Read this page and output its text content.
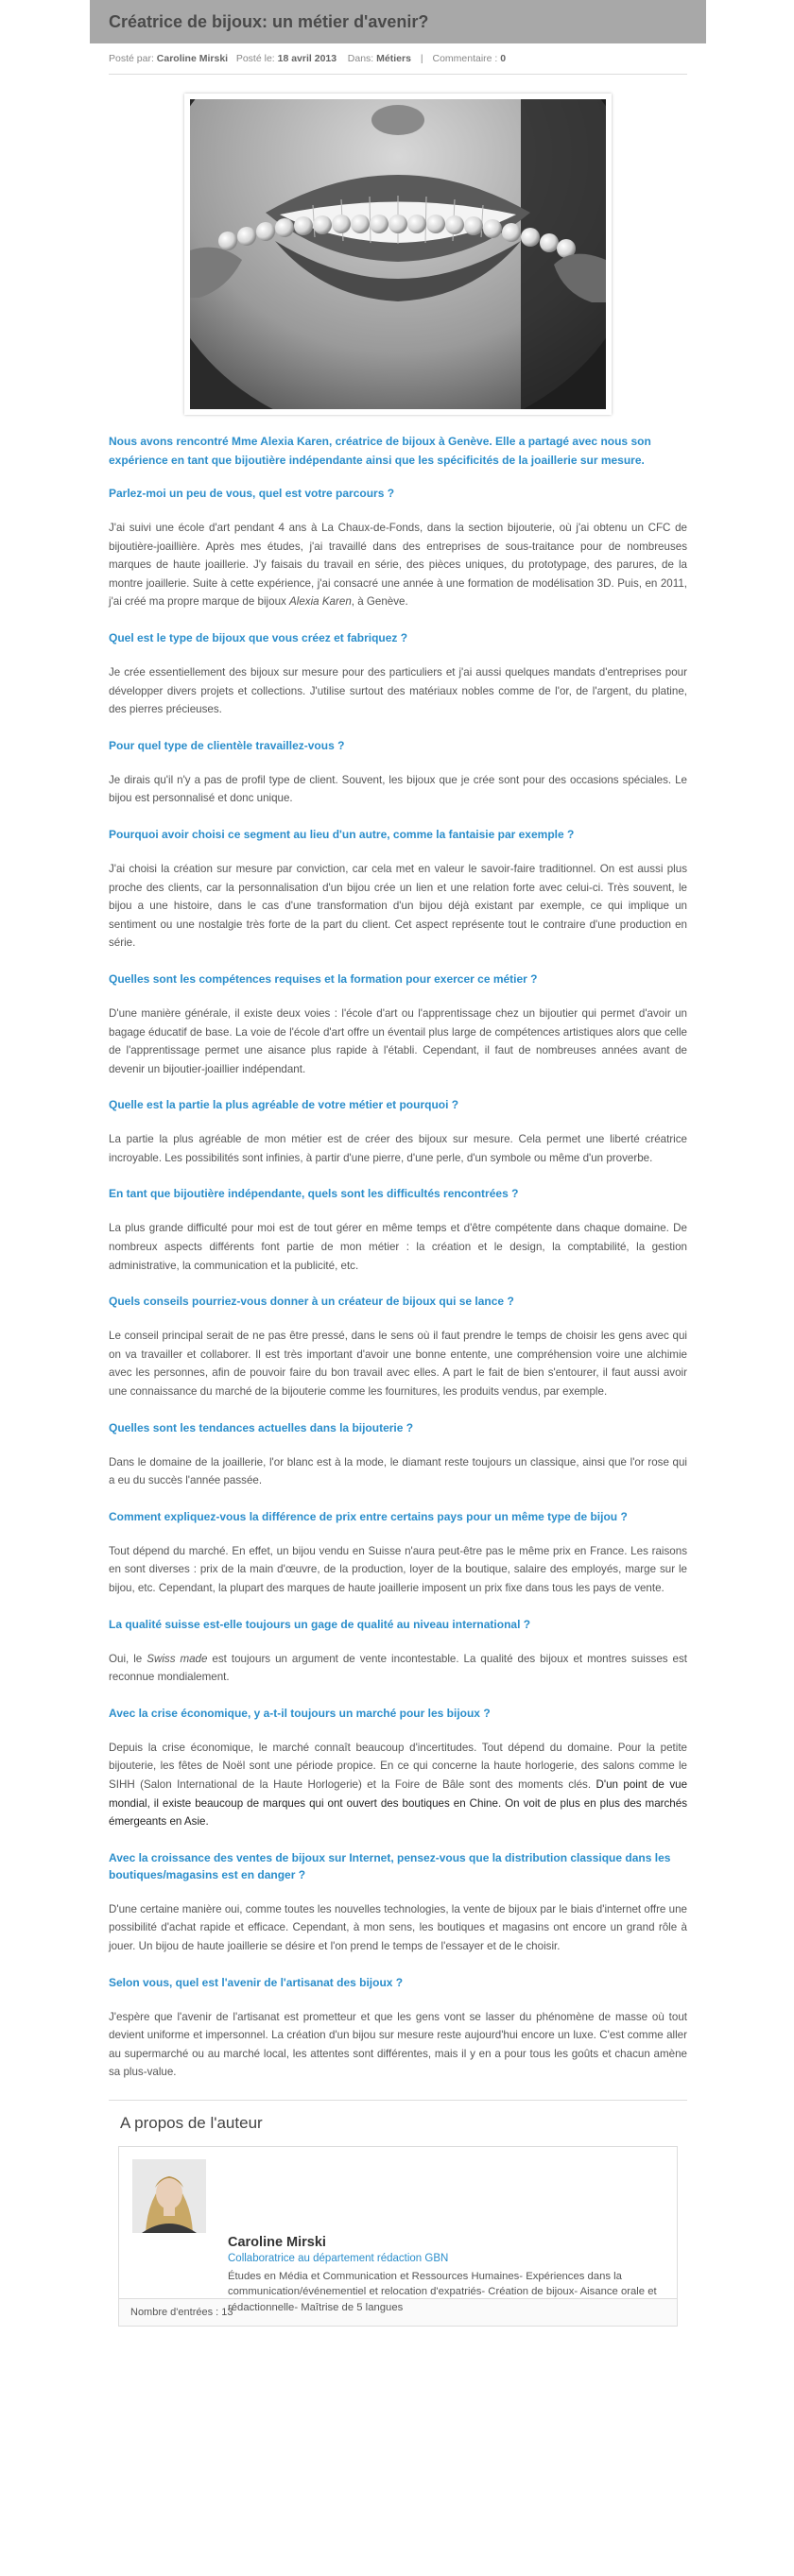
Créatrice de bijoux: un métier d'avenir?
Posté par: Caroline Mirski Posté le: 18 avril 2013 Dans: Métiers | Commentaire : 0

Nous avons rencontré Mme Alexia Karen, créatrice de bijoux à Genève. Elle a partagé avec nous son expérience en tant que bijoutière indépendante ainsi que les spécificités de la joaillerie sur mesure.

Parlez-moi un peu de vous, quel est votre parcours ?

J'ai suivi une école d'art pendant 4 ans à La Chaux-de-Fonds, dans la section bijouterie, où j'ai obtenu un CFC de bijoutière-joaillière. Après mes études, j'ai travaillé dans des entreprises de sous-traitance pour de nombreuses marques de haute joaillerie. J'y faisais du travail en série, des pièces uniques, du prototypage, des parures, de la montre joaillerie. Suite à cette expérience, j'ai consacré une année à une formation de modélisation 3D. Puis, en 2011, j'ai créé ma propre marque de bijoux Alexia Karen, à Genève.

Quel est le type de bijoux que vous créez et fabriquez ?

Je crée essentiellement des bijoux sur mesure pour des particuliers et j'ai aussi quelques mandats d'entreprises pour développer divers projets et collections. J'utilise surtout des matériaux nobles comme de l'or, de l'argent, du platine, des pierres précieuses.

Pour quel type de clientèle travaillez-vous ?

Je dirais qu'il n'y a pas de profil type de client. Souvent, les bijoux que je crée sont pour des occasions spéciales. Le bijou est personnalisé et donc unique.

Pourquoi avoir choisi ce segment au lieu d'un autre, comme la fantaisie par exemple ?

J'ai choisi la création sur mesure par conviction, car cela met en valeur le savoir-faire traditionnel. On est aussi plus proche des clients, car la personnalisation d'un bijou crée un lien et une relation forte avec celui-ci. Très souvent, le bijou a une histoire, dans le cas d'une transformation d'un bijou déjà existant par exemple, ce qui implique un sentiment ou une nostalgie très forte de la part du client. Cet aspect représente tout le contraire d'une production en série.

Quelles sont les compétences requises et la formation pour exercer ce métier ?

D'une manière générale, il existe deux voies : l'école d'art ou l'apprentissage chez un bijoutier qui permet d'avoir un bagage éducatif de base. La voie de l'école d'art offre un éventail plus large de compétences artistiques alors que celle de l'apprentissage permet une aisance plus rapide à l'établi. Cependant, il faut de nombreuses années avant de devenir un bijoutier-joaillier indépendant.

Quelle est la partie la plus agréable de votre métier et pourquoi ?

La partie la plus agréable de mon métier est de créer des bijoux sur mesure. Cela permet une liberté créatrice incroyable. Les possibilités sont infinies, à partir d'une pierre, d'une perle, d'un symbole ou même d'un proverbe.

En tant que bijoutière indépendante, quels sont les difficultés rencontrées ?

La plus grande difficulté pour moi est de tout gérer en même temps et d'être compétente dans chaque domaine. De nombreux aspects différents font partie de mon métier : la création et le design, la comptabilité, la gestion administrative, la communication et la publicité, etc.

Quels conseils pourriez-vous donner à un créateur de bijoux qui se lance ?

Le conseil principal serait de ne pas être pressé, dans le sens où il faut prendre le temps de choisir les gens avec qui on va travailler et collaborer. Il est très important d'avoir une bonne entente, une compréhension voire une alchimie avec les personnes, afin de pouvoir faire du bon travail avec elles. A part le fait de bien s'entourer, il faut aussi avoir une connaissance du marché de la bijouterie comme les fournitures, les produits vendus, par exemple.

Quelles sont les tendances actuelles dans la bijouterie ?

Dans le domaine de la joaillerie, l'or blanc est à la mode, le diamant reste toujours un classique, ainsi que l'or rose qui a eu du succès l'année passée.

Comment expliquez-vous la différence de prix entre certains pays pour un même type de bijou ?

Tout dépend du marché. En effet, un bijou vendu en Suisse n'aura peut-être pas le même prix en France. Les raisons en sont diverses : prix de la main d'œuvre, de la production, loyer de la boutique, salaire des employés, marge sur le bijou, etc. Cependant, la plupart des marques de haute joaillerie imposent un prix fixe dans tous les pays de vente.

La qualité suisse est-elle toujours un gage de qualité au niveau international ?

Oui, le Swiss made est toujours un argument de vente incontestable. La qualité des bijoux et montres suisses est reconnue mondialement.

Avec la crise économique, y a-t-il toujours un marché pour les bijoux ?

Depuis la crise économique, le marché connaît beaucoup d'incertitudes. Tout dépend du domaine. Pour la petite bijouterie, les fêtes de Noël sont une période propice. En ce qui concerne la haute horlogerie, des salons comme le SIHH (Salon International de la Haute Horlogerie) et la Foire de Bâle sont des moments clés. D'un point de vue mondial, il existe beaucoup de marques qui ont ouvert des boutiques en Chine. On voit de plus en plus des marchés émergeants en Asie.

Avec la croissance des ventes de bijoux sur Internet, pensez-vous que la distribution classique dans les boutiques/magasins est en danger ?

D'une certaine manière oui, comme toutes les nouvelles technologies, la vente de bijoux par le biais d'internet offre une possibilité d'achat rapide et efficace. Cependant, à mon sens, les boutiques et magasins ont encore un grand rôle à jouer. Un bijou de haute joaillerie se désire et l'on prend le temps de l'essayer et de le choisir.

Selon vous, quel est l'avenir de l'artisanat des bijoux ?

J'espère que l'avenir de l'artisanat est prometteur et que les gens vont se lasser du phénomène de masse où tout devient uniforme et impersonnel. La création d'un bijou sur mesure reste aujourd'hui encore un luxe. C'est comme aller au supermarché ou au marché local, les attentes sont différentes, mais il y en a pour tous les goûts et chacun amène sa plus-value.

A propos de l'auteur

Caroline Mirski

Collaboratrice au département rédaction GBN

Études en Média et Communication et Ressources Humaines- Expériences dans la communication/événementiel et relocation d'expatriés- Création de bijoux- Aisance orale et rédactionnelle- Maîtrise de 5 langues

Nombre d'entrées : 13
